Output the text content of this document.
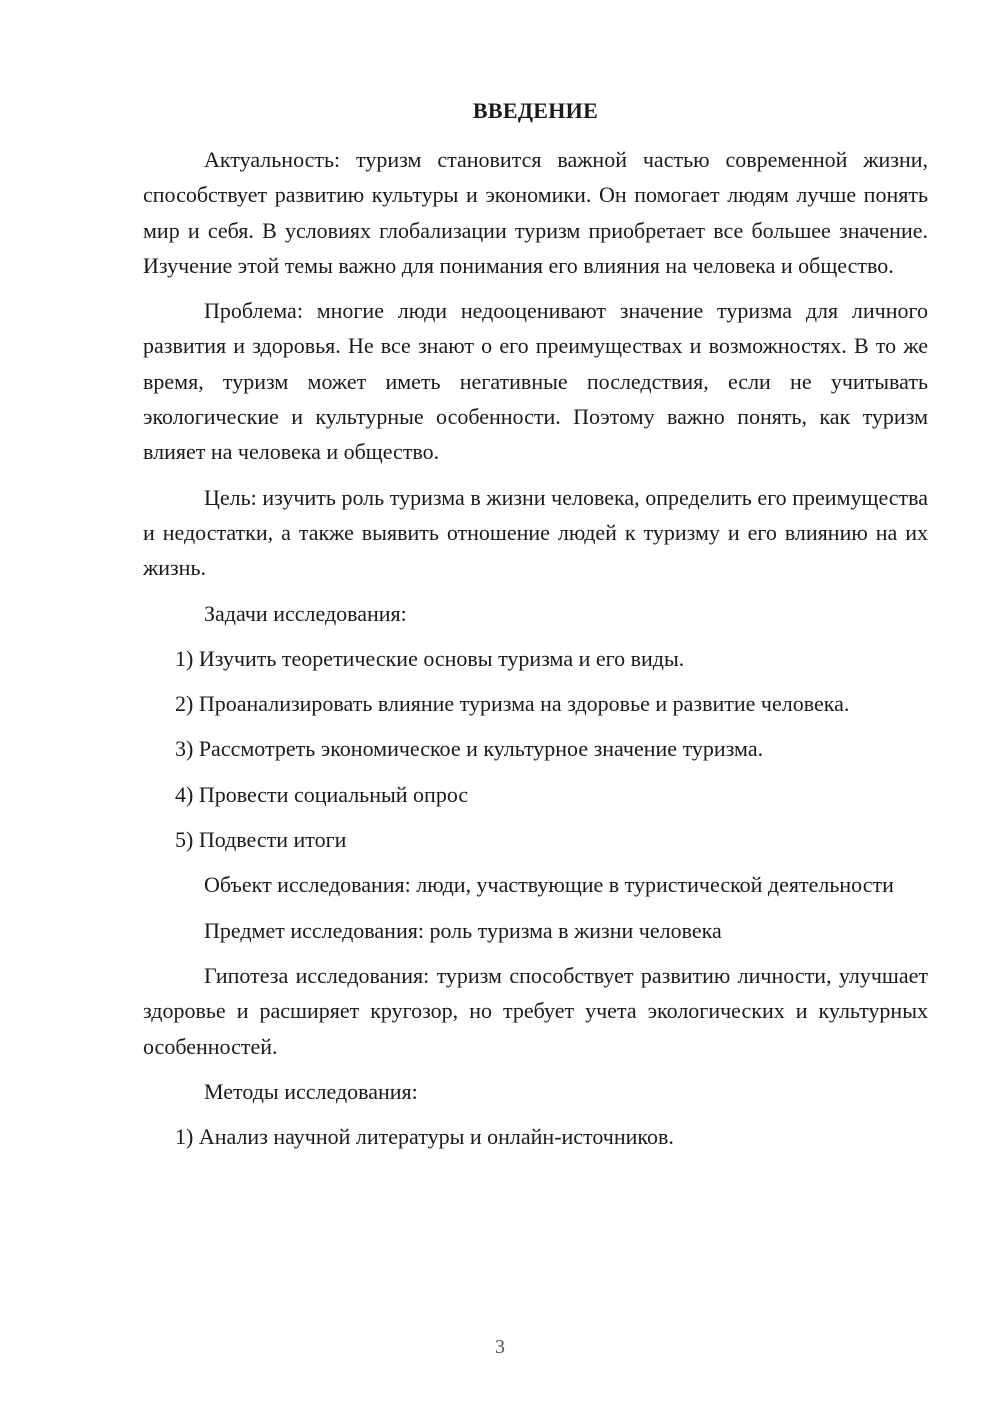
ВВЕДЕНИЕ

Актуальность: туризм становится важной частью современной жизни, способствует развитию культуры и экономики. Он помогает людям лучше понять мир и себя. В условиях глобализации туризм приобретает все большее значение. Изучение этой темы важно для понимания его влияния на человека и общество.

Проблема: многие люди недооценивают значение туризма для личного развития и здоровья. Не все знают о его преимуществах и возможностях. В то же время, туризм может иметь негативные последствия, если не учитывать экологические и культурные особенности. Поэтому важно понять, как туризм влияет на человека и общество.

Цель: изучить роль туризма в жизни человека, определить его преимущества и недостатки, а также выявить отношение людей к туризму и его влиянию на их жизнь.

Задачи исследования:

1) Изучить теоретические основы туризма и его виды.

2) Проанализировать влияние туризма на здоровье и развитие человека.

3) Рассмотреть экономическое и культурное значение туризма.

4) Провести социальный опрос

5) Подвести итоги

Объект исследования: люди, участвующие в туристической деятельности

Предмет исследования: роль туризма в жизни человека

Гипотеза исследования: туризм способствует развитию личности, улучшает здоровье и расширяет кругозор, но требует учета экологических и культурных особенностей.

Методы исследования:

1) Анализ научной литературы и онлайн-источников.

3
